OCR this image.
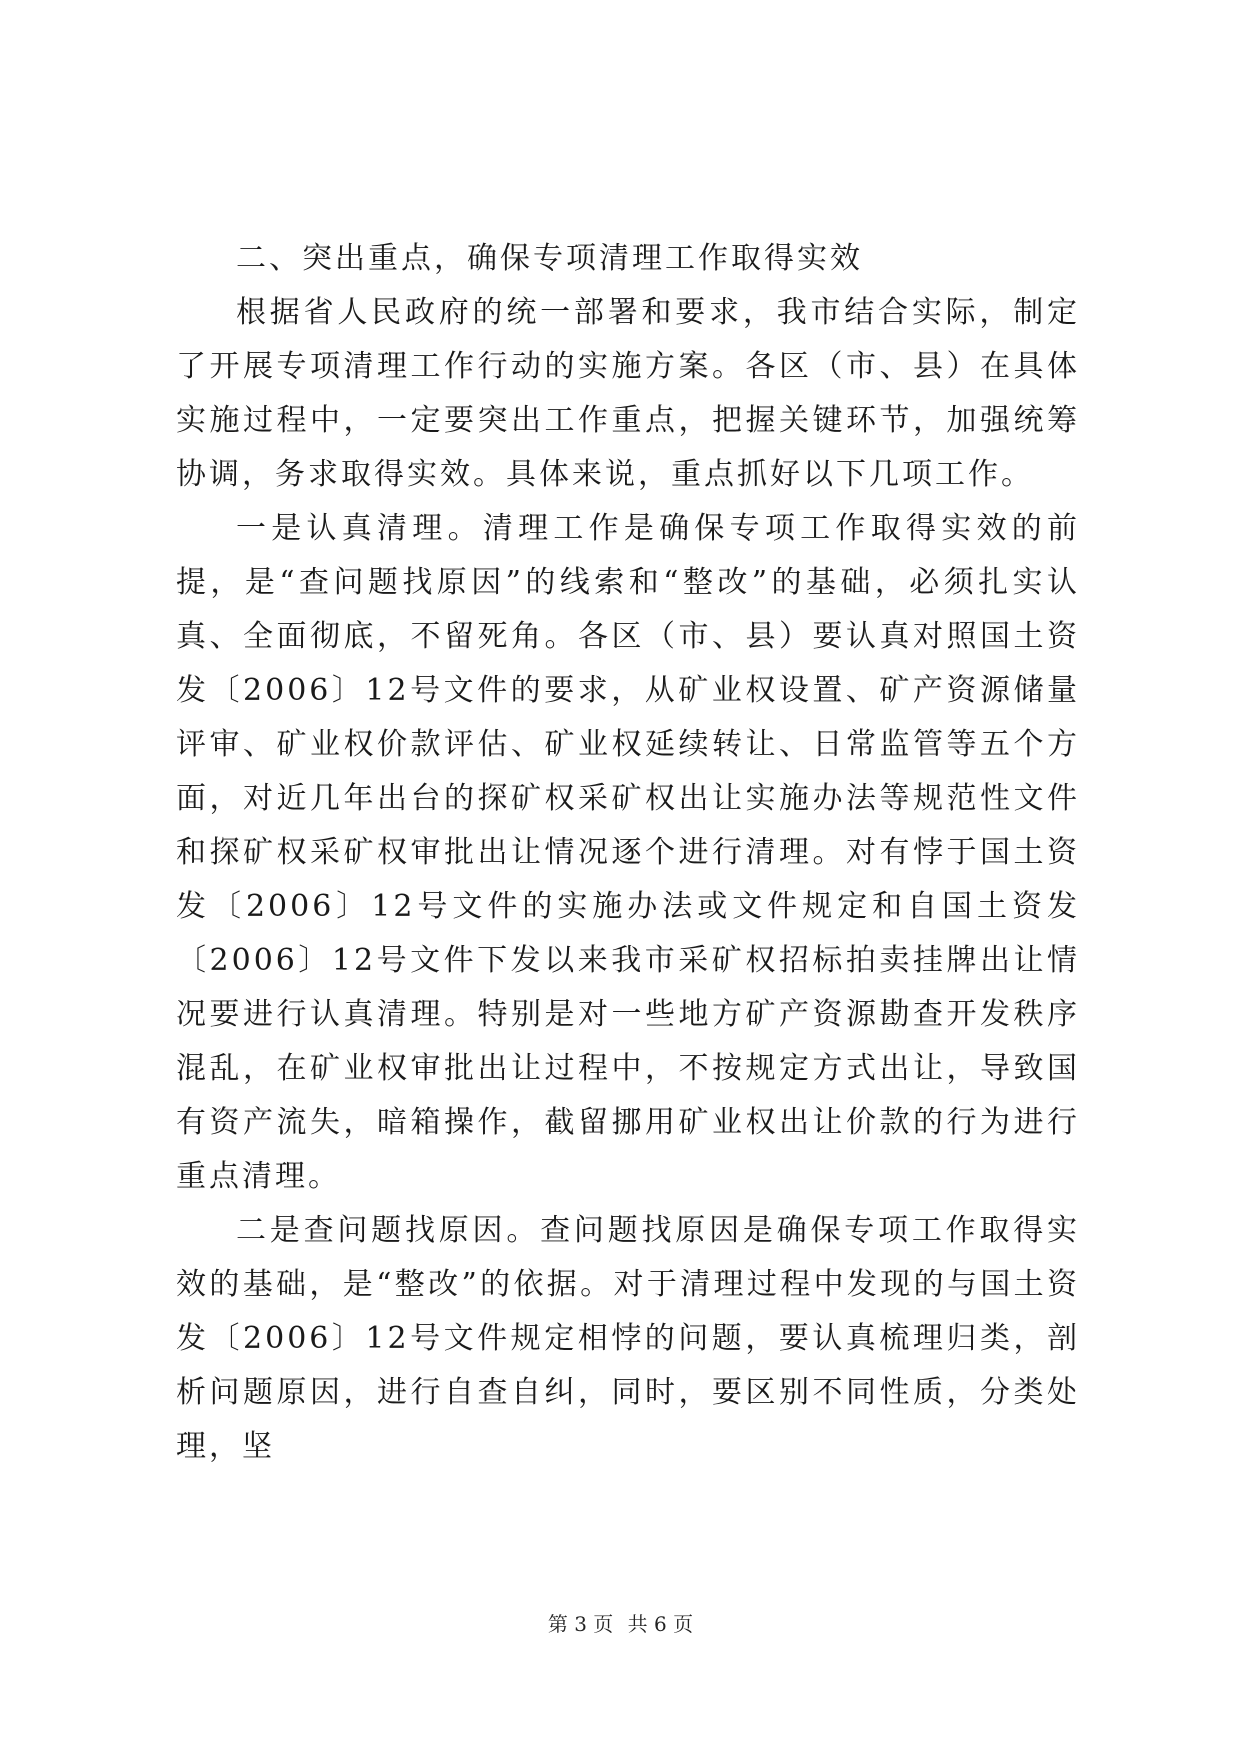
二、突出重点，确保专项清理工作取得实效

根据省人民政府的统一部署和要求，我市结合实际，制定了开展专项清理工作行动的实施方案。各区（市、县）在具体实施过程中，一定要突出工作重点，把握关键环节，加强统筹协调，务求取得实效。具体来说，重点抓好以下几项工作。

一是认真清理。清理工作是确保专项工作取得实效的前提，是“查问题找原因”的线索和“整改”的基础，必须扎实认真、全面彻底，不留死角。各区（市、县）要认真对照国土资发〔2006〕12号文件的要求，从矿业权设置、矿产资源储量评审、矿业权价款评估、矿业权延续转让、日常监管等五个方面，对近几年出台的探矿权采矿权出让实施办法等规范性文件和探矿权采矿权审批出让情况逐个进行清理。对有悖于国土资发〔2006〕12号文件的实施办法或文件规定和自国土资发〔2006〕12号文件下发以来我市采矿权招标拍卖挂牌出让情况要进行认真清理。特别是对一些地方矿产资源勘查开发秩序混乱，在矿业权审批出让过程中，不按规定方式出让，导致国有资产流失，暗箱操作，截留挪用矿业权出让价款的行为进行重点清理。

二是查问题找原因。查问题找原因是确保专项工作取得实效的基础，是“整改”的依据。对于清理过程中发现的与国土资发〔2006〕12号文件规定相悖的问题，要认真梳理归类，剖析问题原因，进行自查自纠，同时，要区别不同性质，分类处理，坚

第 3 页 共 6 页
